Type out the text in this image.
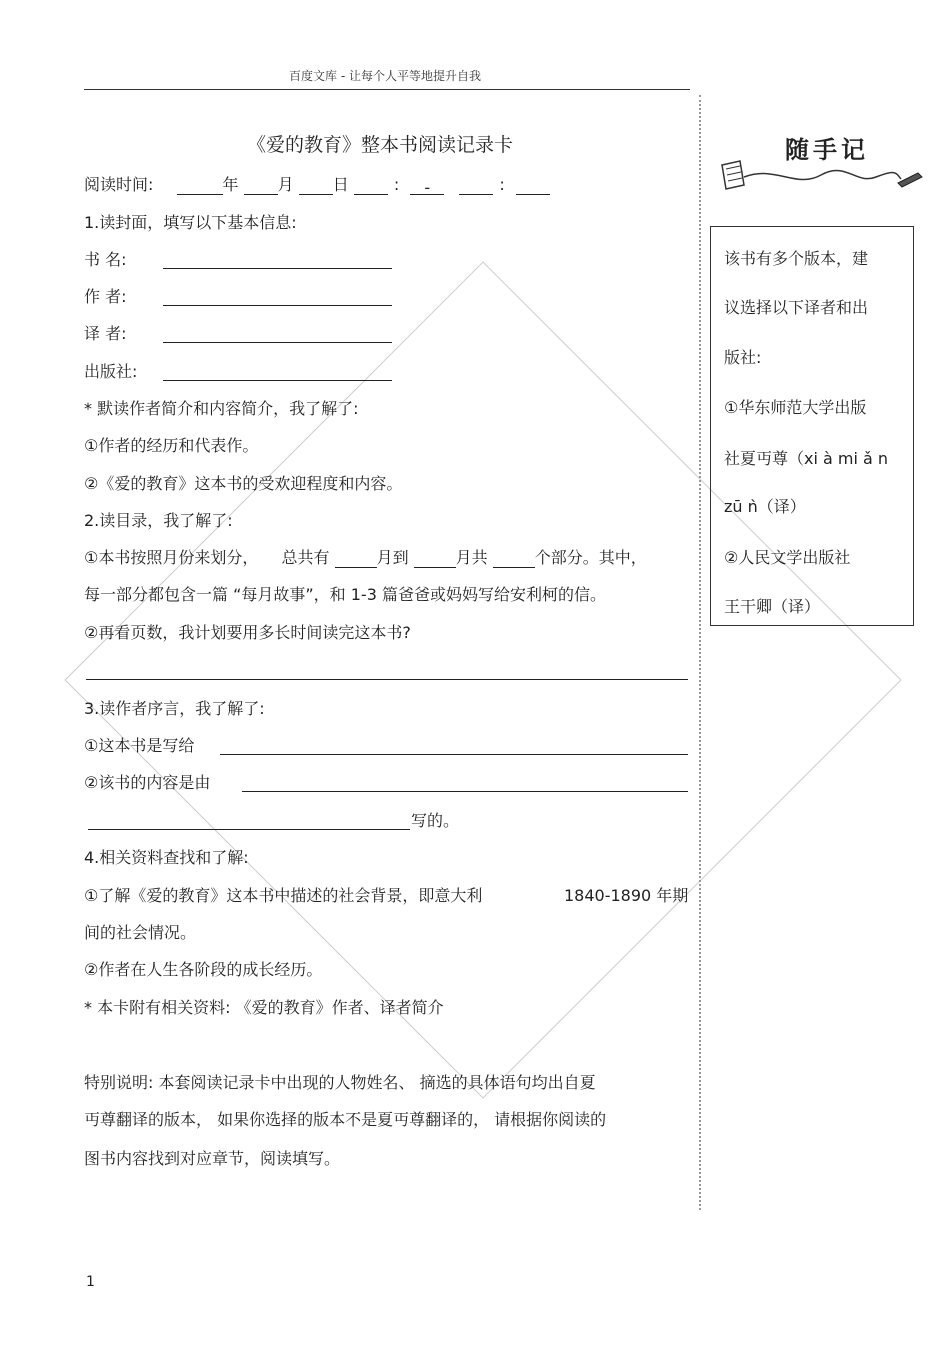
百度文库 - 让每个人平等地提升自我
《爱的教育》整本书阅读记录卡
阅读时间:	年 月 日	: -	:
1.读封面，填写以下基本信息:
书 名:
作 者:
译 者:
出版社:
* 默读作者简介和内容简介，我了解了:
①作者的经历和代表作。
②《爱的教育》这本书的受欢迎程度和内容。
2.读目录，我了解了:
①本书按照月份来划分， 总共有	月到	月共	个部分。其中，
每一部分都包含一篇 “每月故事”，和 1-3 篇爸爸或妈妈写给安利柯的信。
②再看页数，我计划要用多长时间读完这本书?
3.读作者序言，我了解了:
①这本书是写给
②该书的内容是由
写的。
4.相关资料查找和了解:
①了解《爱的教育》这本书中描述的社会背景，即意大利	1840-1890 年期
间的社会情况。
②作者在人生各阶段的成长经历。
* 本卡附有相关资料: 《爱的教育》作者、译者简介
特别说明: 本套阅读记录卡中出现的人物姓名、 摘选的具体语句均出自夏
丏尊翻译的版本， 如果你选择的版本不是夏丏尊翻译的， 请根据你阅读的
图书内容找到对应章节，阅读填写。
随手记
该书有多个版本，建
议选择以下译者和出
版社:
①华东师范大学出版
社夏丏尊（xi à mi ǎ n
zū ǹ（译）
②人民文学出版社
王干卿（译）
1
